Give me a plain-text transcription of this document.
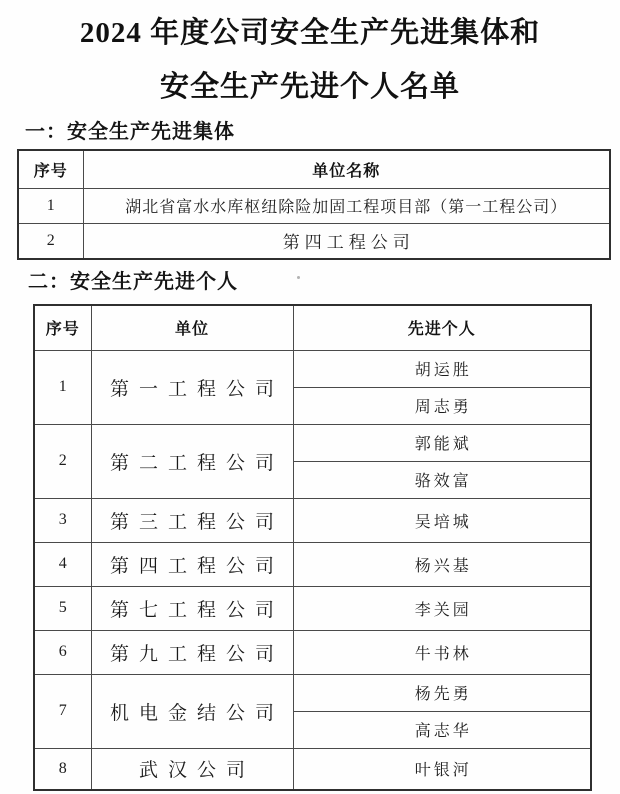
2024 年度公司安全生产先进集体和
安全生产先进个人名单
一：安全生产先进集体
序号	单位名称
1	湖北省富水水库枢纽除险加固工程项目部（第一工程公司）
2	第四工程公司
二：安全生产先进个人
序号	单位	先进个人
1	第一工程公司	胡运胜
		周志勇
2	第二工程公司	郭能斌
		骆效富
3	第三工程公司	吴培城
4	第四工程公司	杨兴基
5	第七工程公司	李关园
6	第九工程公司	牛书林
7	机电金结公司	杨先勇
		高志华
8	武汉公司	叶银河
